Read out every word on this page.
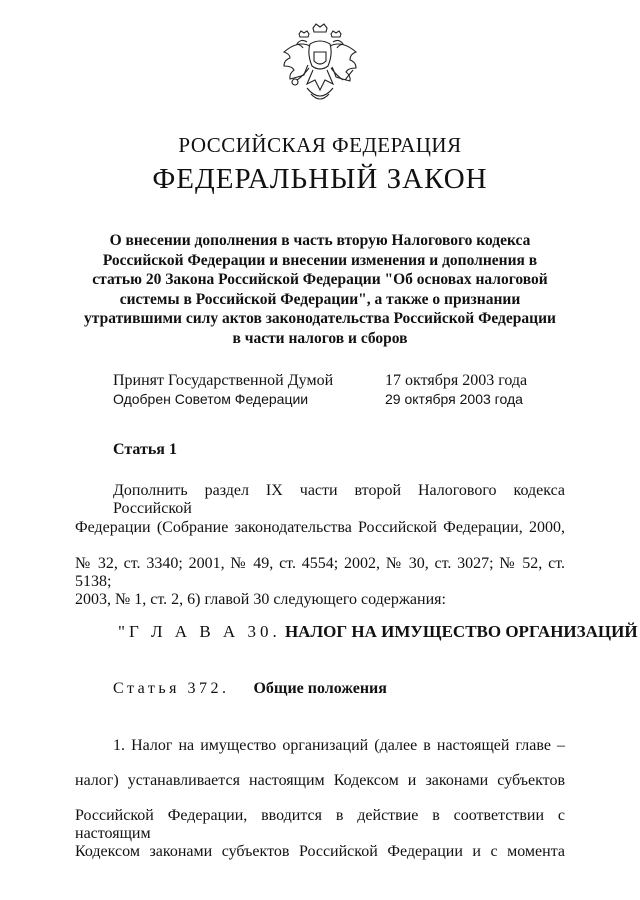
РОССИЙСКАЯ ФЕДЕРАЦИЯ
ФЕДЕРАЛЬНЫЙ ЗАКОН
О внесении дополнения в часть вторую Налогового кодекса Российской Федерации и внесении изменения и дополнения в статью 20 Закона Российской Федерации "Об основах налоговой системы в Российской Федерации", а также о признании утратившими силу актов законодательства Российской Федерации в части налогов и сборов
Принят Государственной Думой	17 октября 2003 года
Одобрен Советом Федерации	29 октября 2003 года
Статья 1
Дополнить раздел IX части второй Налогового кодекса Российской
Федерации (Собрание законодательства Российской Федерации, 2000,
№ 32, ст. 3340; 2001, № 49, ст. 4554; 2002, № 30, ст. 3027; № 52, ст. 5138;
2003, № 1, ст. 2, 6) главой 30 следующего содержания:
"Г Л А В А 30. НАЛОГ НА ИМУЩЕСТВО ОРГАНИЗАЦИЙ
Статья 372. Общие положения
1. Налог на имущество организаций (далее в настоящей главе –
налог) устанавливается настоящим Кодексом и законами субъектов
Российской Федерации, вводится в действие в соответствии с настоящим
Кодексом законами субъектов Российской Федерации и с момента
